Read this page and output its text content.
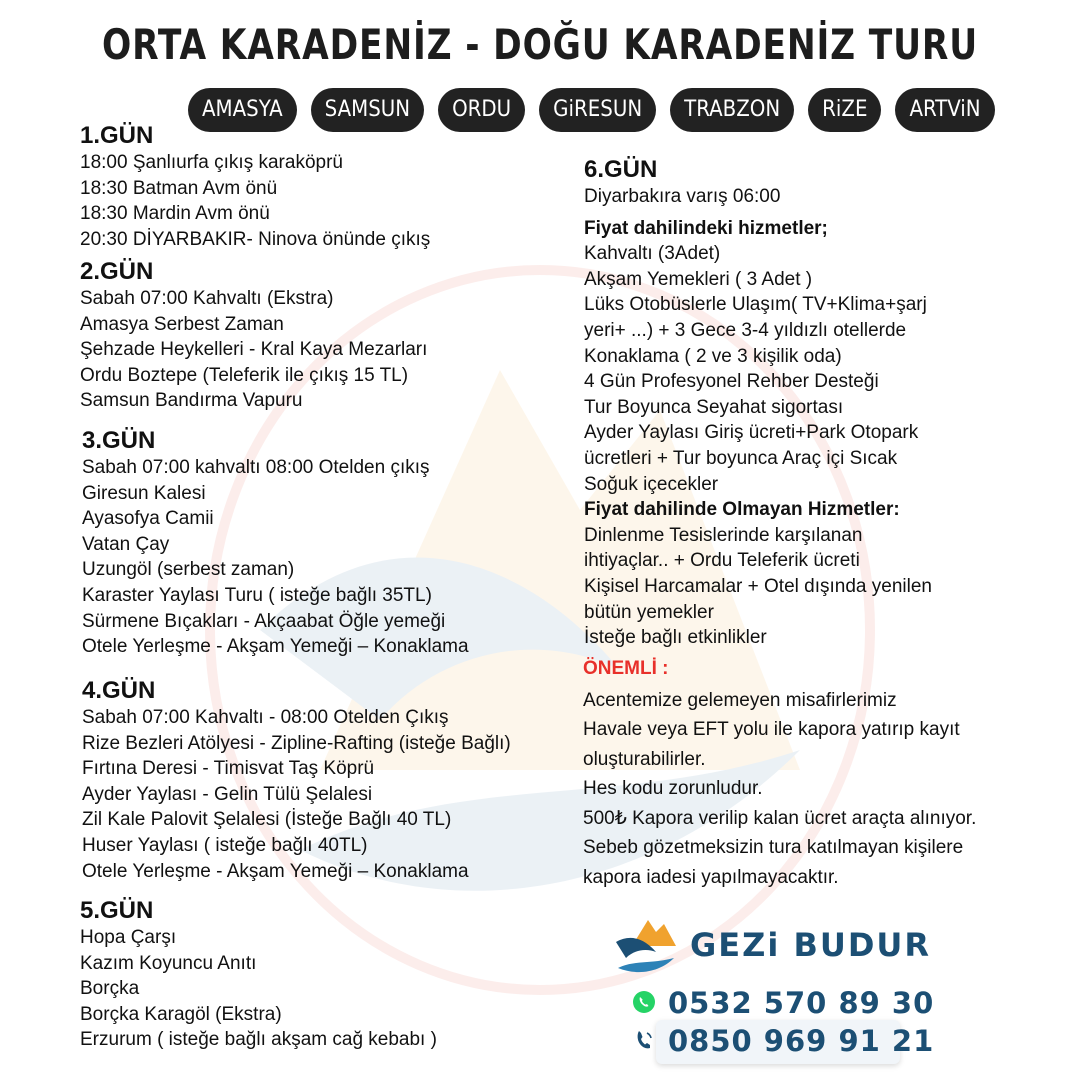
ORTA KARADENİZ - DOĞU KARADENİZ TURU
AMASYA	SAMSUN	ORDU	GiRESUN	TRABZON	RiZE	ARTViN
1.GÜN
18:00 Şanlıurfa çıkış karaköprü
18:30 Batman Avm önü
18:30 Mardin Avm önü
20:30 DİYARBAKIR- Ninova önünde çıkış
2.GÜN
Sabah 07:00 Kahvaltı (Ekstra)
Amasya Serbest Zaman
Şehzade Heykelleri - Kral Kaya Mezarları
Ordu Boztepe (Teleferik ile çıkış 15 TL)
Samsun Bandırma Vapuru
3.GÜN
Sabah 07:00 kahvaltı 08:00 Otelden çıkış
Giresun Kalesi
Ayasofya Camii
Vatan Çay
Uzungöl (serbest zaman)
Karaster Yaylası Turu ( isteğe bağlı 35TL)
Sürmene Bıçakları - Akçaabat Öğle yemeği
Otele Yerleşme - Akşam Yemeği – Konaklama
4.GÜN
Sabah 07:00 Kahvaltı - 08:00 Otelden Çıkış
Rize Bezleri Atölyesi - Zipline-Rafting (isteğe Bağlı)
Fırtına Deresi - Timisvat Taş Köprü
Ayder Yaylası - Gelin Tülü Şelalesi
Zil Kale Palovit Şelalesi (İsteğe Bağlı 40 TL)
Huser Yaylası ( isteğe bağlı 40TL)
Otele Yerleşme - Akşam Yemeği – Konaklama
5.GÜN
Hopa Çarşı
Kazım Koyuncu Anıtı
Borçka
Borçka Karagöl (Ekstra)
Erzurum ( isteğe bağlı akşam cağ kebabı )
6.GÜN
Diyarbakıra varış 06:00
Fiyat dahilindeki hizmetler;
Kahvaltı (3Adet)
Akşam Yemekleri ( 3 Adet )
Lüks Otobüslerle Ulaşım( TV+Klima+şarj
yeri+ ...) + 3 Gece 3-4 yıldızlı otellerde
Konaklama ( 2 ve 3 kişilik oda)
4 Gün Profesyonel Rehber Desteği
Tur Boyunca Seyahat sigortası
Ayder Yaylası Giriş ücreti+Park Otopark
ücretleri + Tur boyunca Araç içi Sıcak
Soğuk içecekler
Fiyat dahilinde Olmayan Hizmetler:
Dinlenme Tesislerinde karşılanan
ihtiyaçlar.. + Ordu Teleferik ücreti
Kişisel Harcamalar + Otel dışında yenilen
bütün yemekler
İsteğe bağlı etkinlikler
ÖNEMLİ :
Acentemize gelemeyen misafirlerimiz
Havale veya EFT yolu ile kapora yatırıp kayıt
oluşturabilirler.
Hes kodu zorunludur.
500₺ Kapora verilip kalan ücret araçta alınıyor.
Sebeb gözetmeksizin tura katılmayan kişilere
kapora iadesi yapılmayacaktır.
GEZi BUDUR
0532 570 89 30
0850 969 91 21
